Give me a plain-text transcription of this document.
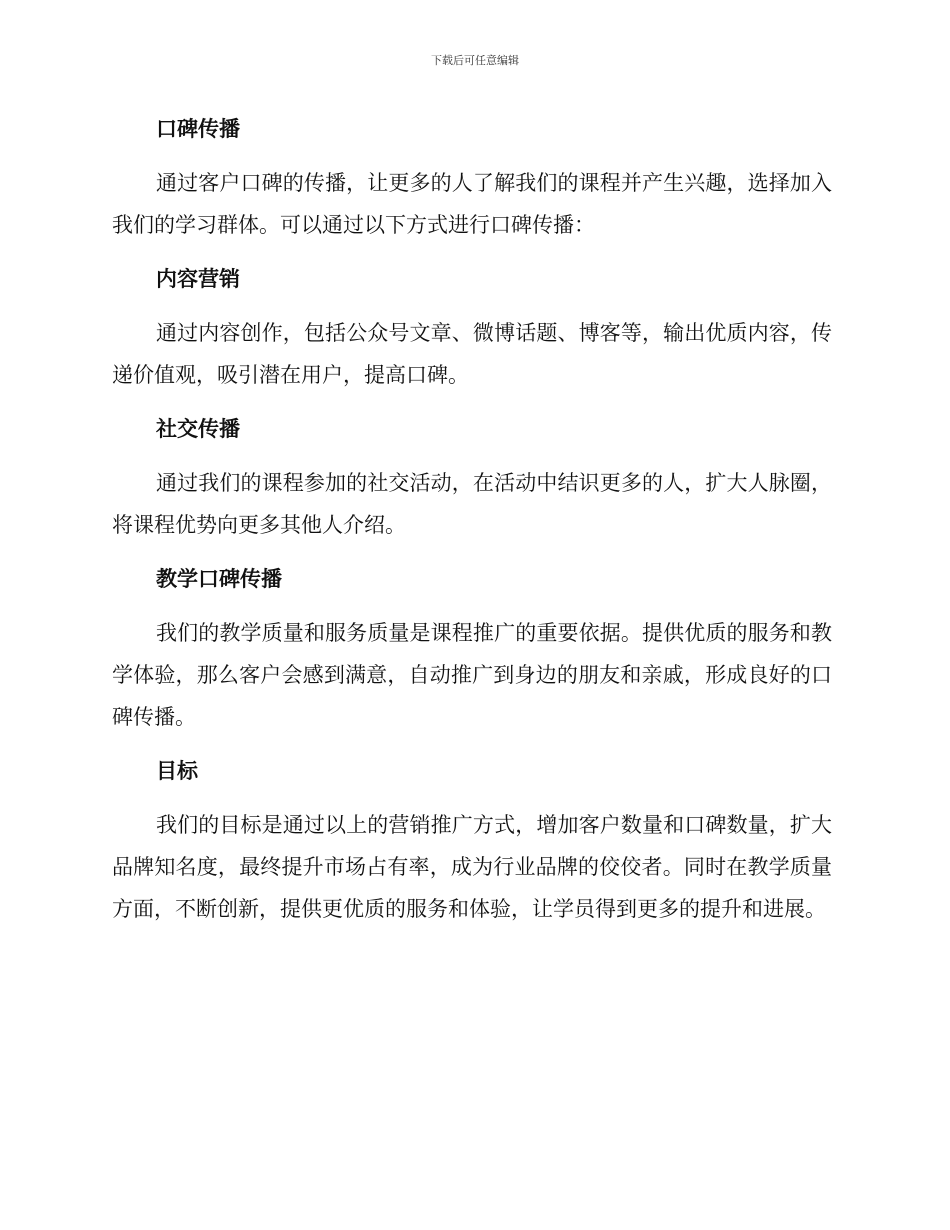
下载后可任意编辑
口碑传播

通过客户口碑的传播，让更多的人了解我们的课程并产生兴趣，选择加入我们的学习群体。可以通过以下方式进行口碑传播：

内容营销

通过内容创作，包括公众号文章、微博话题、博客等，输出优质内容，传递价值观，吸引潜在用户，提高口碑。

社交传播

通过我们的课程参加的社交活动，在活动中结识更多的人，扩大人脉圈，将课程优势向更多其他人介绍。

教学口碑传播

我们的教学质量和服务质量是课程推广的重要依据。提供优质的服务和教学体验，那么客户会感到满意，自动推广到身边的朋友和亲戚，形成良好的口碑传播。

目标

我们的目标是通过以上的营销推广方式，增加客户数量和口碑数量，扩大品牌知名度，最终提升市场占有率，成为行业品牌的佼佼者。同时在教学质量方面，不断创新，提供更优质的服务和体验，让学员得到更多的提升和进展。
